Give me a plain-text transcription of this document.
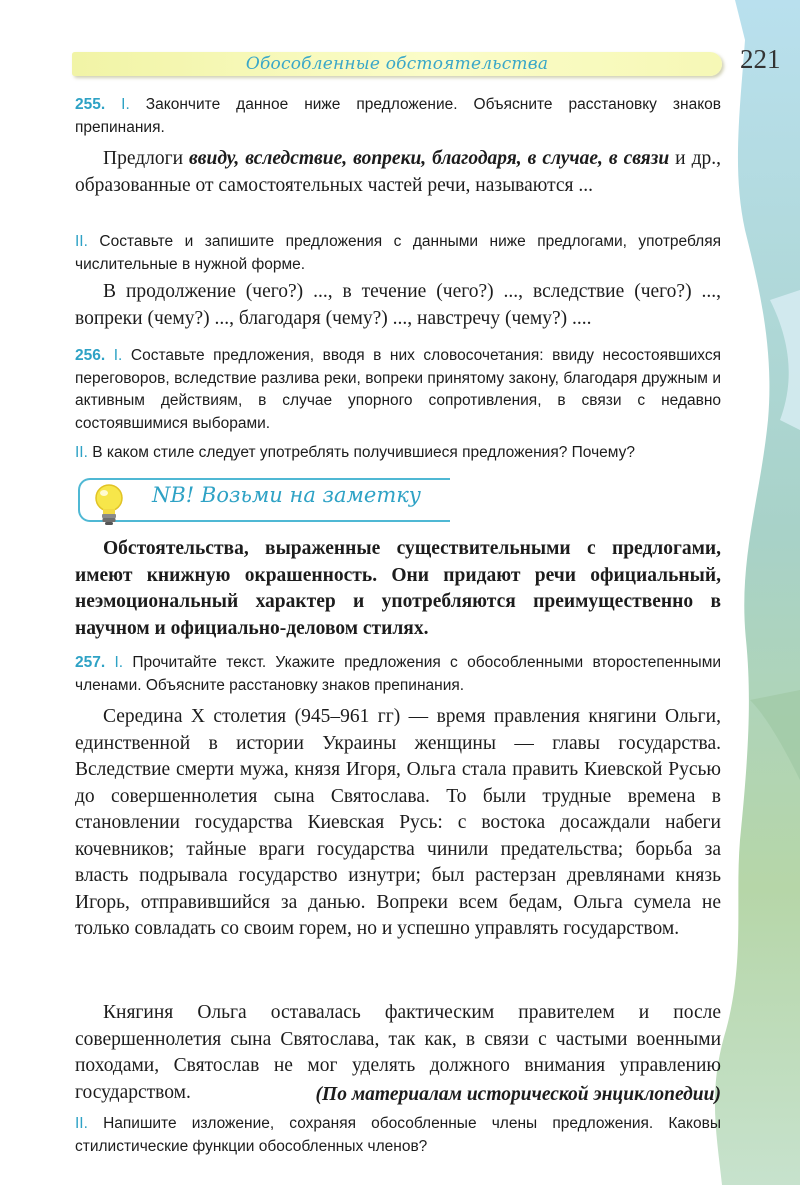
Обособленные обстоятельства	221
255. I. Закончите данное ниже предложение. Объясните расстановку знаков препинания.
Предлоги ввиду, вследствие, вопреки, благодаря, в случае, в связи и др., образованные от самостоятельных частей речи, называются ...
II. Составьте и запишите предложения с данными ниже предлогами, употребляя числительные в нужной форме.
В продолжение (чего?) ..., в течение (чего?) ..., вследствие (чего?) ..., вопреки (чему?) ..., благодаря (чему?) ..., навстречу (чему?) ....
256. I. Составьте предложения, вводя в них словосочетания: ввиду несостоявшихся переговоров, вследствие разлива реки, вопреки принятому закону, благодаря дружным и активным действиям, в случае упорного сопротивления, в связи с недавно состоявшимися выборами.
II. В каком стиле следует употреблять получившиеся предложения? Почему?
NB! Возьми на заметку
Обстоятельства, выраженные существительными с предлогами, имеют книжную окрашенность. Они придают речи официальный, неэмоциональный характер и употребляются преимущественно в научном и официально-деловом стилях.
257. I. Прочитайте текст. Укажите предложения с обособленными второстепенными членами. Объясните расстановку знаков препинания.
Середина X столетия (945–961 гг) — время правления княгини Ольги, единственной в истории Украины женщины — главы государства. Вследствие смерти мужа, князя Игоря, Ольга стала править Киевской Русью до совершеннолетия сына Святослава. То были трудные времена в становлении государства Киевская Русь: с востока досаждали набеги кочевников; тайные враги государства чинили предательства; борьба за власть подрывала государство изнутри; был растерзан древлянами князь Игорь, отправившийся за данью. Вопреки всем бедам, Ольга сумела не только совладать со своим горем, но и успешно управлять государством.
Княгиня Ольга оставалась фактическим правителем и после совершеннолетия сына Святослава, так как, в связи с частыми военными походами, Святослав не мог уделять должного внимания управлению государством.	(По материалам исторической энциклопедии)
II. Напишите изложение, сохраняя обособленные члены предложения. Каковы стилистические функции обособленных членов?
